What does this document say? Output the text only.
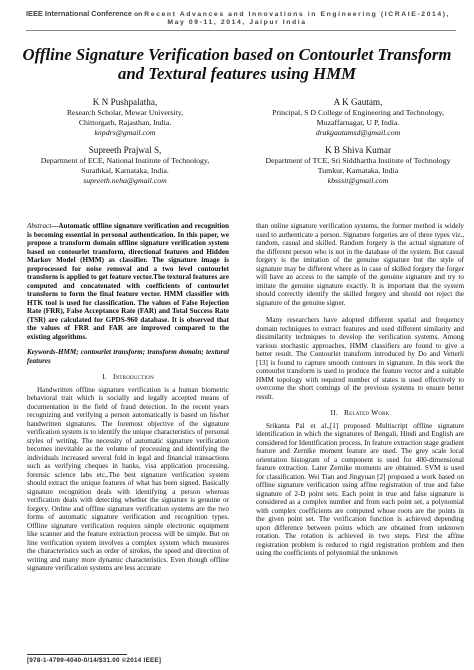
IEEE International Conference on Recent Advances and Innovations in Engineering (ICRAIE-2014),
May 09-11, 2014, Jaipur India
Offline Signature Verification based on Contourlet Transform and Textural features using HMM
K N Pushpalatha,
Research Scholar, Mewar University,
Chittorgarh, Rajasthan, India.
knpdrs@gmail.com
A K Gautam,
Principal, S D College of Engineering and Technology,
Muzaffarnagar, U P, India.
drakgautamsd@gmail.com
Supreeth Prajwal S,
Department of ECE, National Institute of Technology,
Surathkal, Karnataka, India.
supreeth.neha@gmail.com
K B Shiva Kumar
Department of TCE, Sri Siddhartha Institute of Technology
Tumkur, Karnataka, India
kbsssit@gmail.com

Abstract—Automatic offline signature verification and recognition is becoming essential in personal authentication. In this paper, we propose a transform domain offline signature verification system based on contourlet transform, directional features and Hidden Markov Model (HMM) as classifier. The signature image is preprocessed for noise removal and a two level contourlet transform is applied to get feature vector.The textural features are computed and concatenated with coefficients of contourlet transform to form the final feature vector. HMM classifier with HTK tool is used for classification. The values of False Rejection Rate (FRR), False Acceptance Rate (FAR) and Total Success Rate (TSR) are calculated for GPDS-960 database. It is observed that the values of FRR and FAR are improved compared to the existing algorithms.

Keywords-HMM; contourlet transform; transform domain; textural features

I. Introduction

Handwritten offline signature verification is a human biometric behavioral trait which is socially and legally accepted means of documentation in the field of fraud detection. In the recent years recognizing and verifying a person automatically is based on his/her handwritten signatures. The foremost objective of the signature verification system is to identify the unique characteristics of personal styles of writing. The necessity of automatic signature verification becomes inevitable as the volume of processing and identifying the individuals increased several fold in legal and financial transactions such as verifying cheques in banks, visa application processing, forensic science labs etc,.The best signature verification system should extract the unique features of what has been signed. Basically signature recognition deals with identifying a person whereas verification deals with detecting whether the signature is genuine or forgery. Online and offline signature verification systems are the two forms of automatic signature verification and recognition types. Offline signature verification requires simple electronic equipment like scanner and the feature extraction process will be simple. But on line verification system involves a complex system which measures the characteristics such as order of strokes, the speed and direction of writing and many more dynamic characteristics. Even though offline signature verification systems are less accurate

than online signature verification systems, the former method is widely used to authenticate a person. Signature forgeries are of three types viz., random, casual and skilled. Random forgery is the actual signature of the different person who is not in the database of the system. But casual forgery is the imitation of the genuine signature but the style of signature may be different where as in case of skilled forgery the forger will have an access to the sample of the genuine signature and try to imitate the genuine signature exactly. It is important that the system should correctly identify the skilled forgery and should not reject the signature of the genuine signer.

Many researchers have adopted different spatial and frequency domain techniques to extract features and used different similarity and dissimilarity techniques to develop the verification systems. Among various stochastic approaches, HMM classifiers are found to give a better result. The Contourlet transform introduced by Do and Vetterli [13] is found to capture smooth contours in signature. In this work the contourlet transform is used to produce the feature vector and a suitable HMM topology with required number of states is used effectively to overcome the short comings of the previous systems to ensure better result.

II. Related Work

Srikanta Pal et al.,[1] proposed Multiscript offline signature identification in which the signatures of Bengali, Hindi and English are considered for Identification process. In feature extraction stage gradient feature and Zernike moment feature are used. The grey scale local orientation histogram of a component is used for 400-dimensional feature extraction. Later Zernike moments are obtained. SVM is used for classification. Wei Tian and Jingyuan [2] proposed a work based on offline signature verification using affine registration of true and false signature of 2-D point sets. Each point in true and false signature is considered as a complex number and from each point set, a polynomial with complex coefficients are computed whose roots are the points in the given point set. The verification function is achieved depending upon difference between points which are obtained from unknown rotation. The rotation is achieved in two steps. First the affine registration problem is reduced to rigid registration problem and then using the coefficients of polynomial the unknown

[978-1-4799-4040-0/14/$31.00 ©2014 IEEE]
